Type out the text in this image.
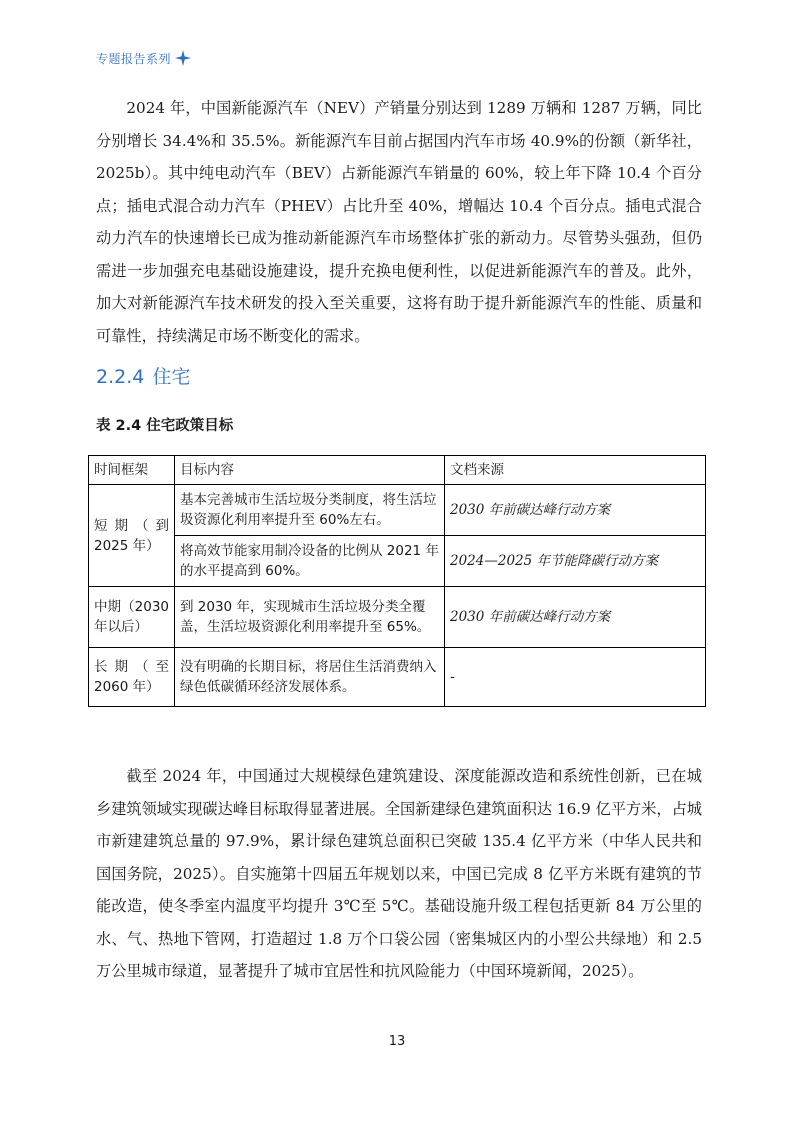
专题报告系列

2024 年，中国新能源汽车（NEV）产销量分别达到 1289 万辆和 1287 万辆，同比分别增长 34.4%和 35.5%。新能源汽车目前占据国内汽车市场 40.9%的份额（新华社，2025b）。其中纯电动汽车（BEV）占新能源汽车销量的 60%，较上年下降 10.4 个百分点；插电式混合动力汽车（PHEV）占比升至 40%，增幅达 10.4 个百分点。插电式混合动力汽车的快速增长已成为推动新能源汽车市场整体扩张的新动力。尽管势头强劲，但仍需进一步加强充电基础设施建设，提升充换电便利性，以促进新能源汽车的普及。此外，加大对新能源汽车技术研发的投入至关重要，这将有助于提升新能源汽车的性能、质量和可靠性，持续满足市场不断变化的需求。

2.2.4 住宅
表 2.4 住宅政策目标
时间框架	目标内容	文档来源
短期（到 2025 年）	基本完善城市生活垃圾分类制度，将生活垃圾资源化利用率提升至 60%左右。	2030 年前碳达峰行动方案
	将高效节能家用制冷设备的比例从 2021 年的水平提高到 60%。	2024—2025 年节能降碳行动方案
中期（2030 年以后）	到 2030 年，实现城市生活垃圾分类全覆盖，生活垃圾资源化利用率提升至 65%。	2030 年前碳达峰行动方案
长期（至 2060 年）	没有明确的长期目标，将居住生活消费纳入绿色低碳循环经济发展体系。	-

截至 2024 年，中国通过大规模绿色建筑建设、深度能源改造和系统性创新，已在城乡建筑领域实现碳达峰目标取得显著进展。全国新建绿色建筑面积达 16.9 亿平方米，占城市新建建筑总量的 97.9%，累计绿色建筑总面积已突破 135.4 亿平方米（中华人民共和国国务院，2025）。自实施第十四届五年规划以来，中国已完成 8 亿平方米既有建筑的节能改造，使冬季室内温度平均提升 3℃至 5℃。基础设施升级工程包括更新 84 万公里的水、气、热地下管网，打造超过 1.8 万个口袋公园（密集城区内的小型公共绿地）和 2.5 万公里城市绿道，显著提升了城市宜居性和抗风险能力（中国环境新闻，2025）。

13
